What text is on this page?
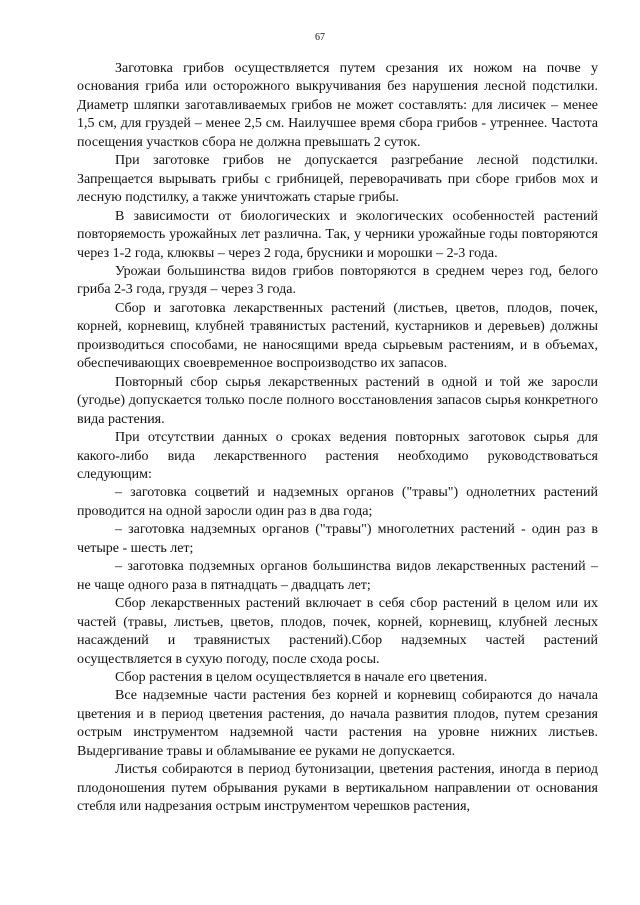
67

Заготовка грибов осуществляется путем срезания их ножом на почве у основания гриба или осторожного выкручивания без нарушения лесной подстилки. Диаметр шляпки заготавливаемых грибов не может составлять: для лисичек – менее 1,5 см, для груздей – менее 2,5 см. Наилучшее время сбора грибов - утреннее. Частота посещения участков сбора не должна превышать 2 суток.

При заготовке грибов не допускается разгребание лесной подстилки. Запрещается вырывать грибы с грибницей, переворачивать при сборе грибов мох и лесную подстилку, а также уничтожать старые грибы.

В зависимости от биологических и экологических особенностей растений повторяемость урожайных лет различна. Так, у черники урожайные годы повторяются через 1-2 года, клюквы – через 2 года, брусники и морошки – 2-3 года.

Урожаи большинства видов грибов повторяются в среднем через год, белого гриба 2-3 года, груздя – через 3 года.

Сбор и заготовка лекарственных растений (листьев, цветов, плодов, почек, корней, корневищ, клубней травянистых растений, кустарников и деревьев) должны производиться способами, не наносящими вреда сырьевым растениям, и в объемах, обеспечивающих своевременное воспроизводство их запасов.

Повторный сбор сырья лекарственных растений в одной и той же заросли (угодье) допускается только после полного восстановления запасов сырья конкретного вида растения.

При отсутствии данных о сроках ведения повторных заготовок сырья для какого-либо вида лекарственного растения необходимо руководствоваться следующим:

– заготовка соцветий и надземных органов ("травы") однолетних растений проводится на одной заросли один раз в два года;

– заготовка надземных органов ("травы") многолетних растений - один раз в четыре - шесть лет;

– заготовка подземных органов большинства видов лекарственных растений – не чаще одного раза в пятнадцать – двадцать лет;

Сбор лекарственных растений включает в себя сбор растений в целом или их частей (травы, листьев, цветов, плодов, почек, корней, корневищ, клубней лесных насаждений и травянистых растений).Сбор надземных частей растений осуществляется в сухую погоду, после схода росы.

Сбор растения в целом осуществляется в начале его цветения.

Все надземные части растения без корней и корневищ собираются до начала цветения и в период цветения растения, до начала развития плодов, путем срезания острым инструментом надземной части растения на уровне нижних листьев. Выдергивание травы и обламывание ее руками не допускается.

Листья собираются в период бутонизации, цветения растения, иногда в период плодоношения путем обрывания руками в вертикальном направлении от основания стебля или надрезания острым инструментом черешков растения,
